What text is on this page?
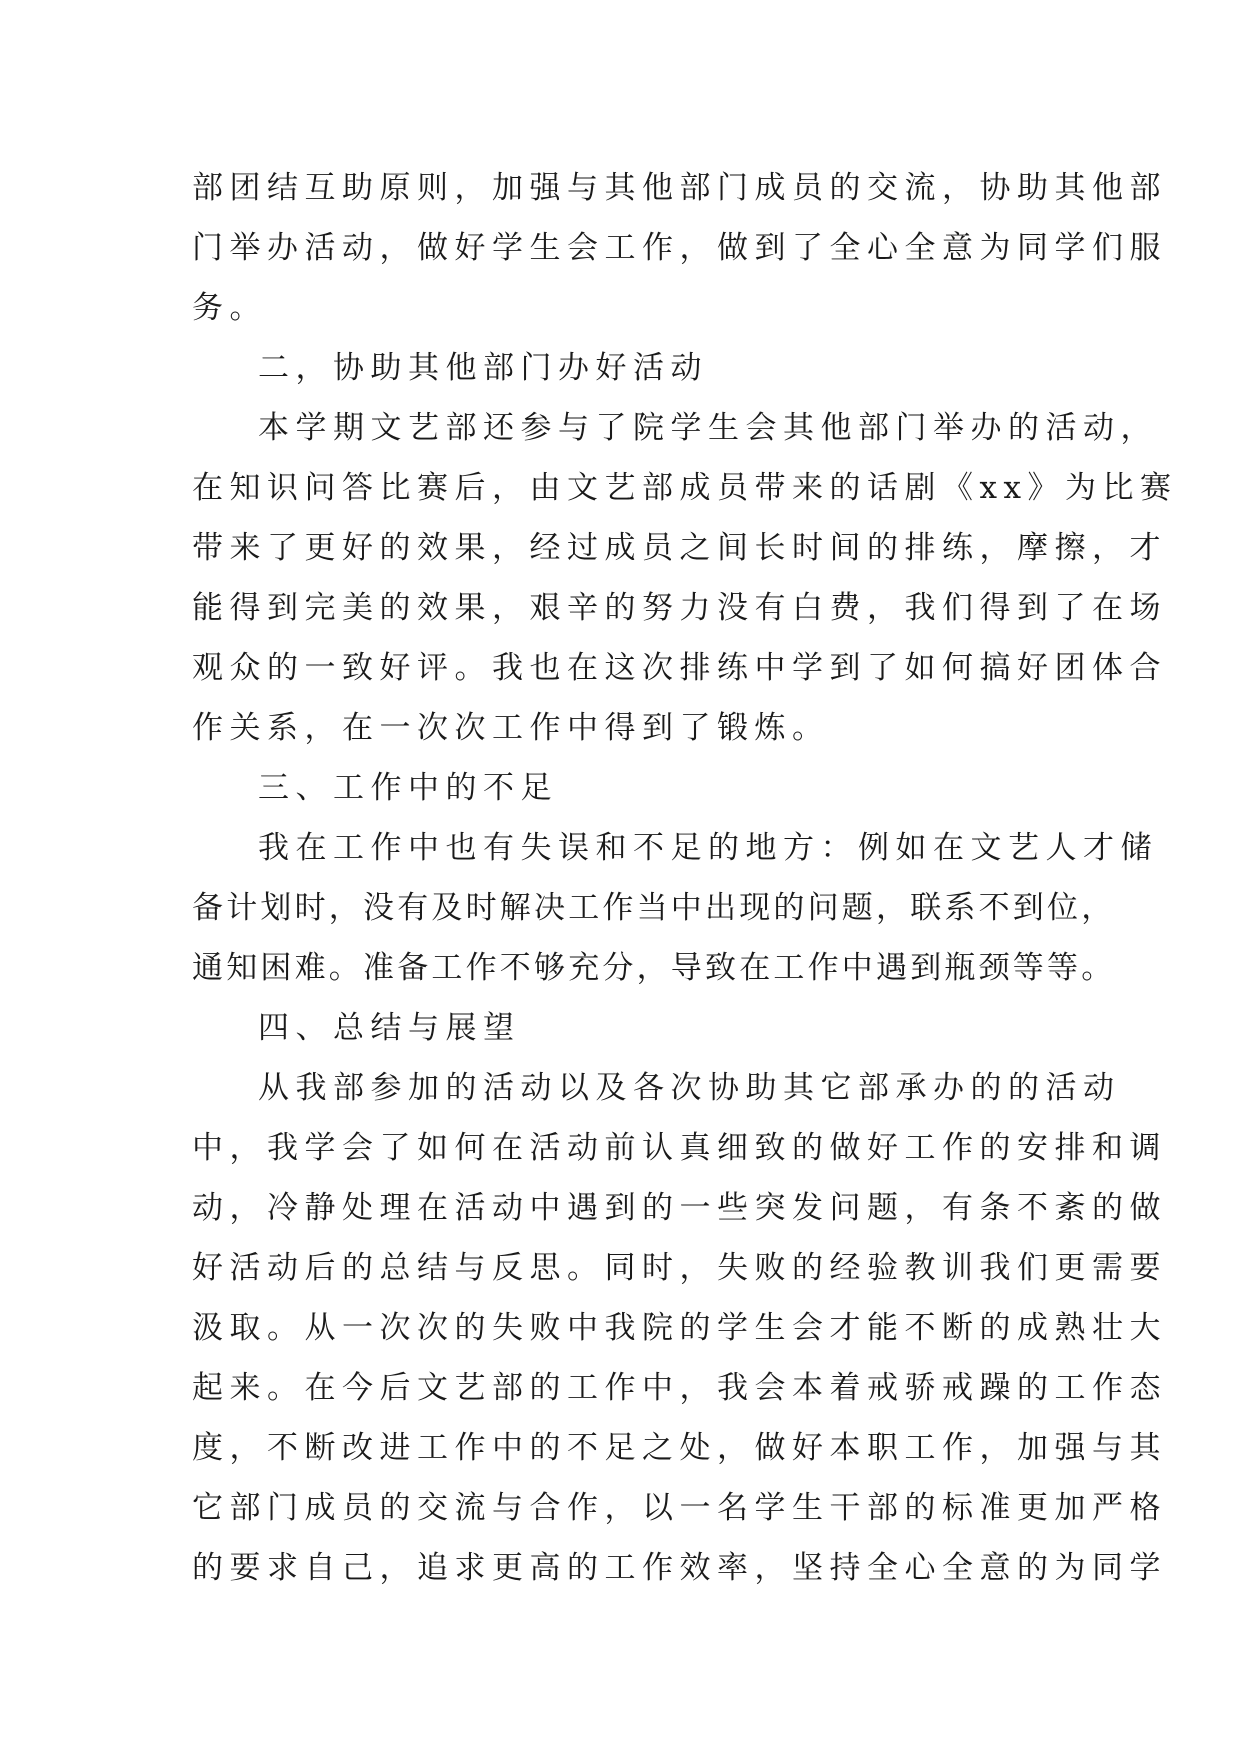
部团结互助原则，加强与其他部门成员的交流，协助其他部
门举办活动，做好学生会工作，做到了全心全意为同学们服
务。
二，协助其他部门办好活动
本学期文艺部还参与了院学生会其他部门举办的活动，
在知识问答比赛后，由文艺部成员带来的话剧《xx》为比赛
带来了更好的效果，经过成员之间长时间的排练，摩擦，才
能得到完美的效果，艰辛的努力没有白费，我们得到了在场
观众的一致好评。我也在这次排练中学到了如何搞好团体合
作关系，在一次次工作中得到了锻炼。
三、工作中的不足
我在工作中也有失误和不足的地方：例如在文艺人才储
备计划时，没有及时解决工作当中出现的问题，联系不到位，
通知困难。准备工作不够充分，导致在工作中遇到瓶颈等等。
四、总结与展望
从我部参加的活动以及各次协助其它部承办的的活动
中，我学会了如何在活动前认真细致的做好工作的安排和调
动，冷静处理在活动中遇到的一些突发问题，有条不紊的做
好活动后的总结与反思。同时，失败的经验教训我们更需要
汲取。从一次次的失败中我院的学生会才能不断的成熟壮大
起来。在今后文艺部的工作中，我会本着戒骄戒躁的工作态
度，不断改进工作中的不足之处，做好本职工作，加强与其
它部门成员的交流与合作，以一名学生干部的标准更加严格
的要求自己，追求更高的工作效率，坚持全心全意的为同学
